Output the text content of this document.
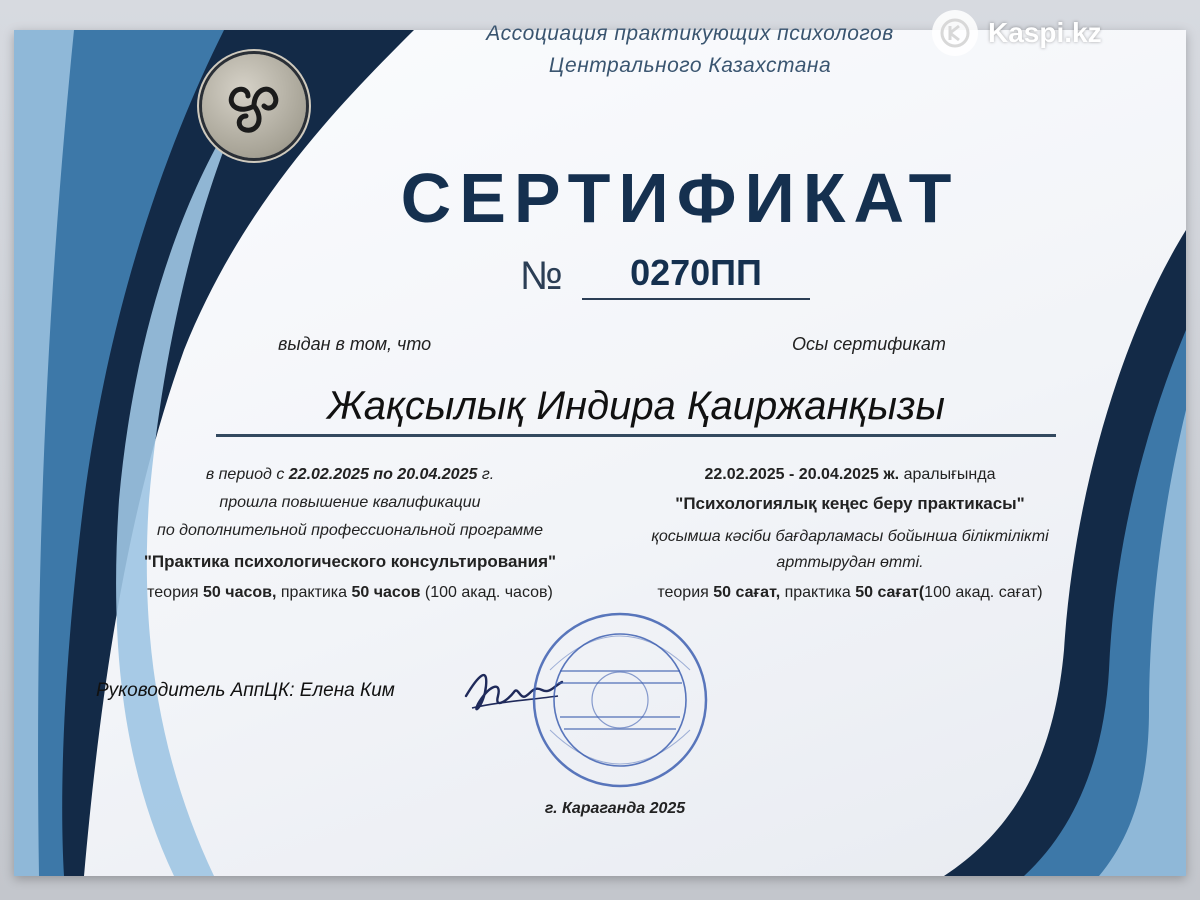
Ассоциация практикующих психологов
Центрального Казахстана
Kaspi.kz
СЕРТИФИКАТ
№	0270ПП
выдан в том, что	Осы сертификат
Жақсылық Индира Қаиржанқызы
в период с 22.02.2025 по 20.04.2025 г.
прошла повышение квалификации
по дополнительной профессиональной программе
"Практика психологического консультирования"
теория 50 часов, практика 50 часов (100 акад. часов)
22.02.2025 - 20.04.2025 ж. аралығында
"Психологиялық кеңес беру практикасы"
қосымша кәсіби бағдарламасы бойынша біліктілікті
арттырудан өтті.
теория 50 сағат, практика 50 сағат(100 акад. сағат)
Руководитель АппЦК: Елена Ким
г. Караганда 2025
